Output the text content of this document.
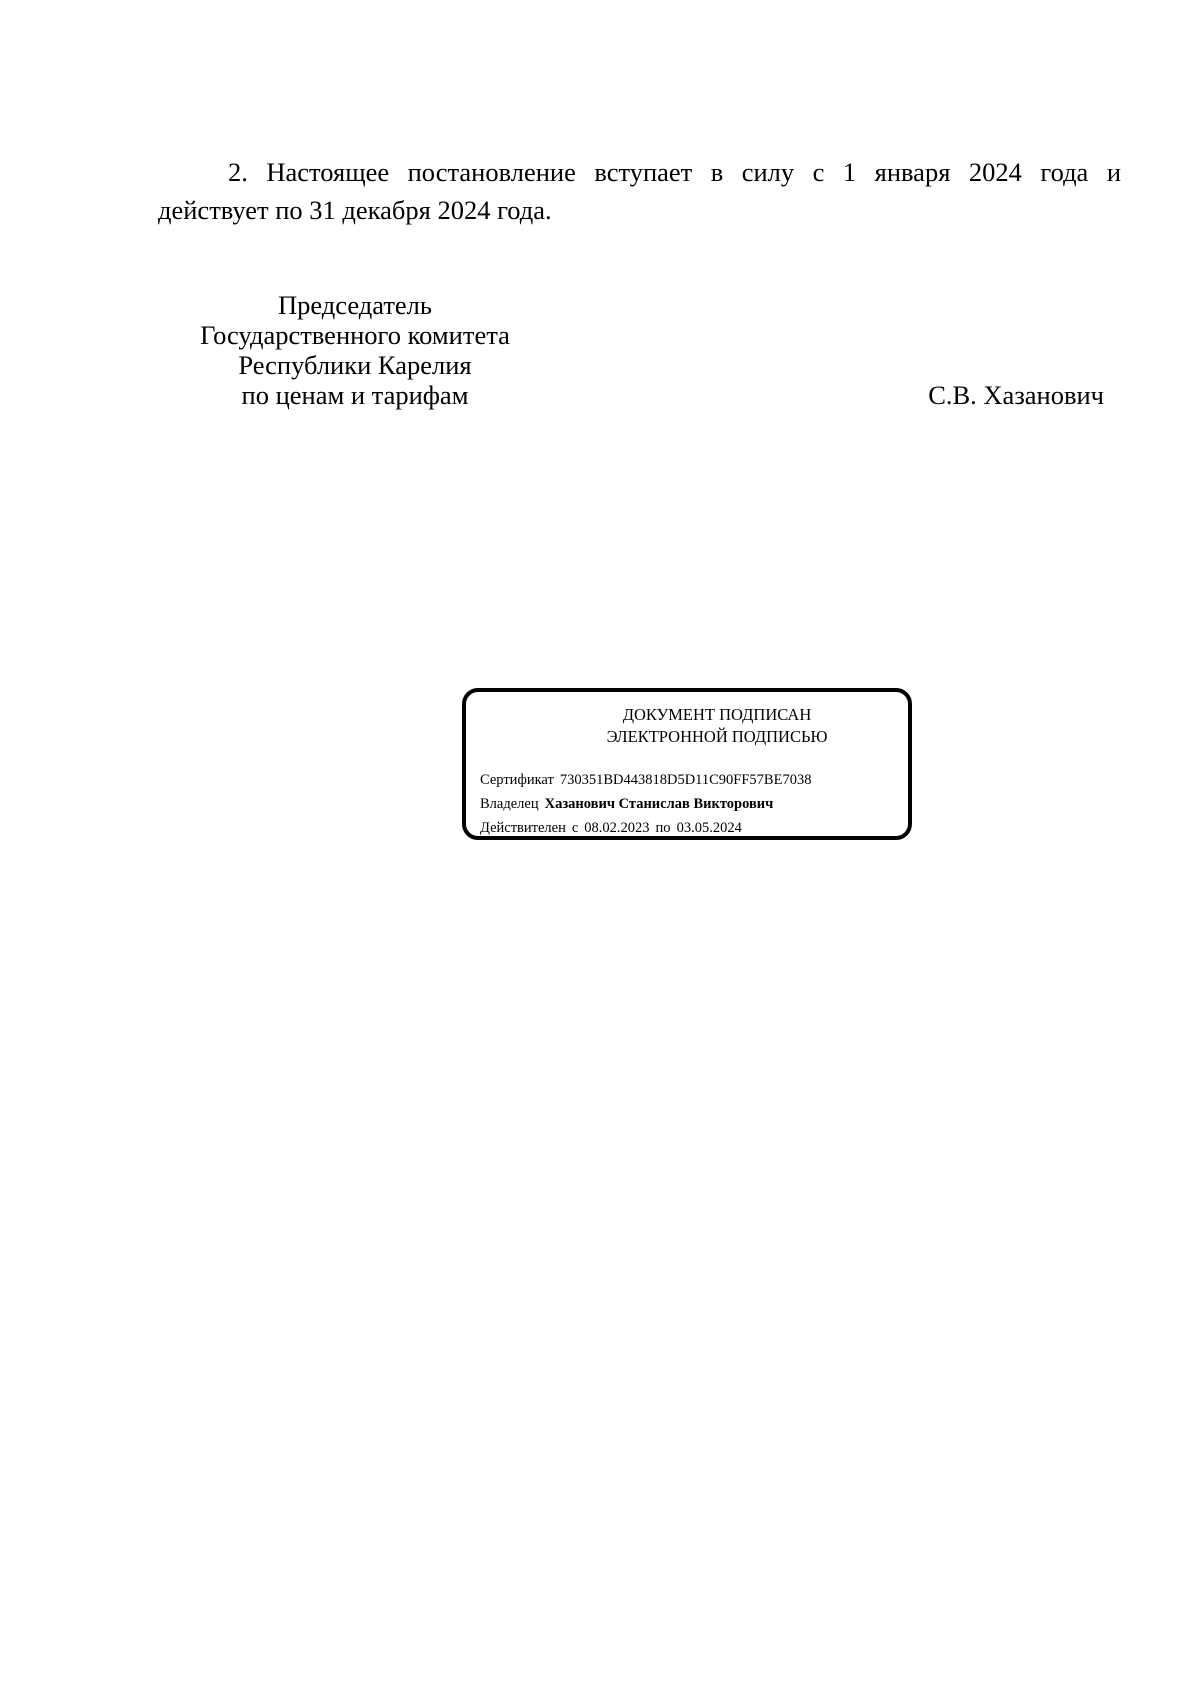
2. Настоящее постановление вступает в силу с 1 января 2024 года и
действует по 31 декабря 2024 года.

Председатель
Государственного комитета
Республики Карелия
по ценам и тарифам	С.В. Хазанович
ДОКУМЕНТ ПОДПИСАН
ЭЛЕКТРОННОЙ ПОДПИСЬЮ
Сертификат 730351BD443818D5D11C90FF57BE7038
Владелец Хазанович Станислав Викторович
Действителен с 08.02.2023 по 03.05.2024
